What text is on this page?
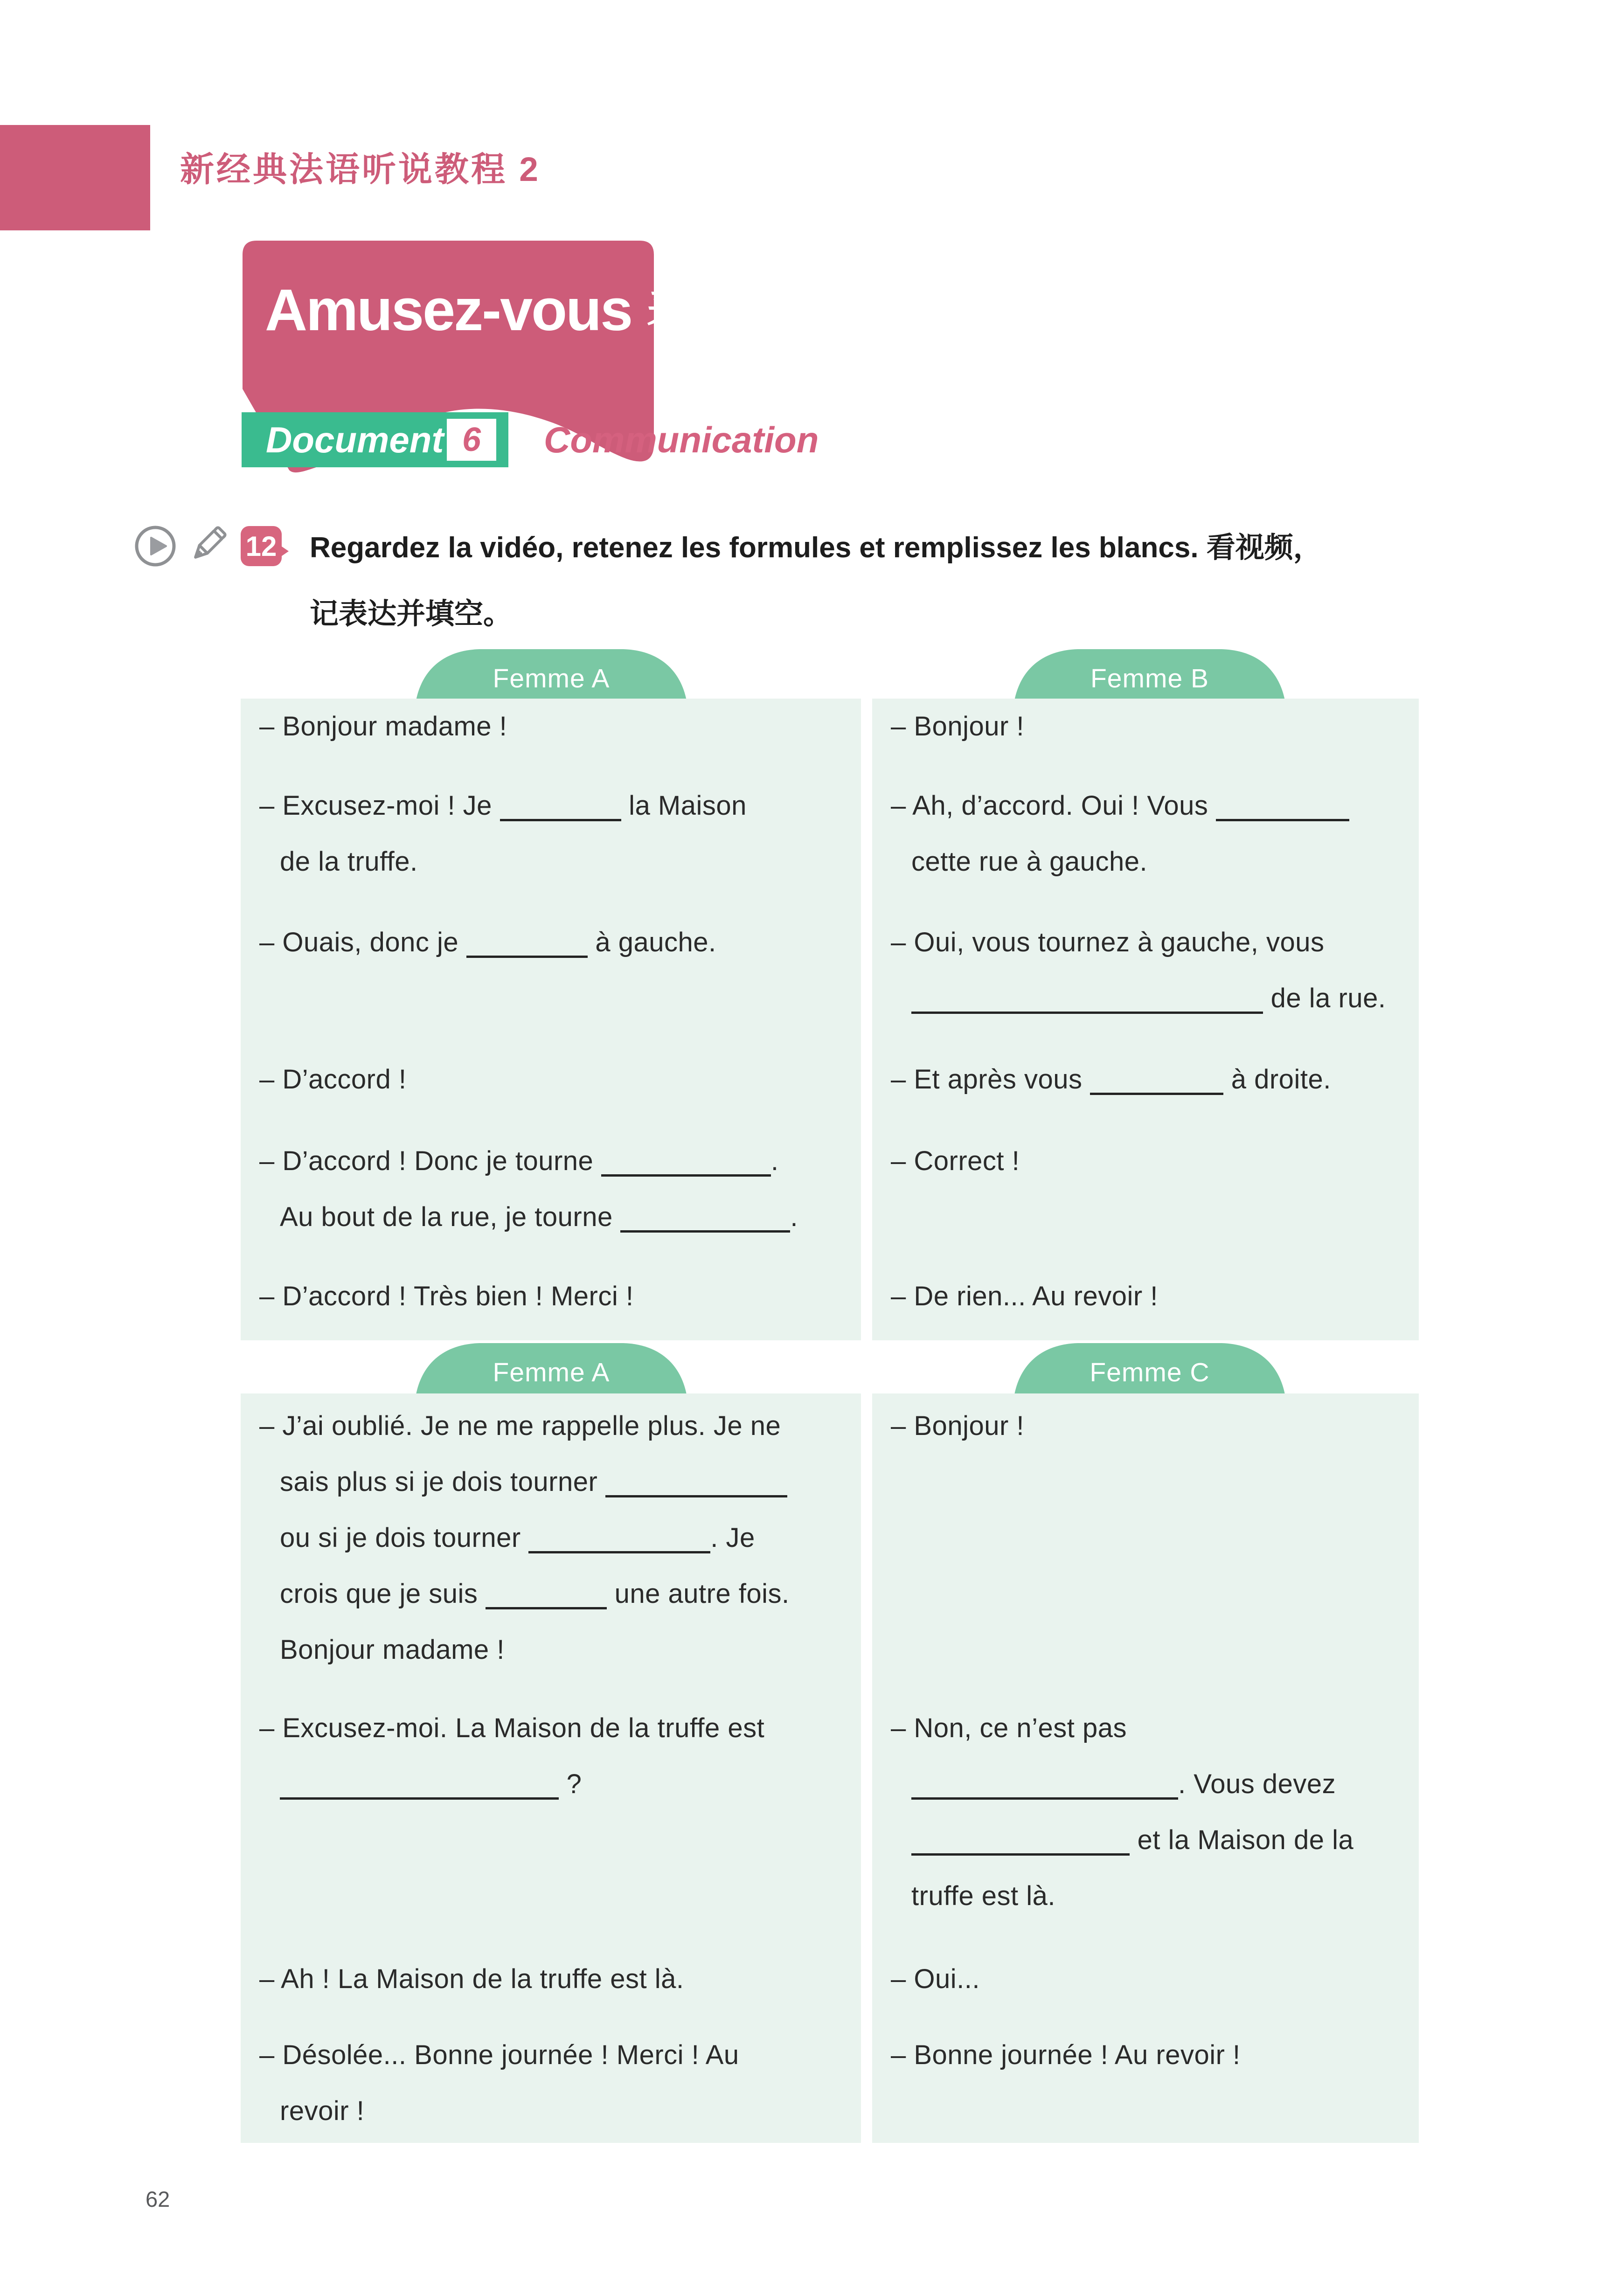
新经典法语听说教程 2
Amusez-vous 表演
Document 6 Communication
12 Regardez la vidéo, retenez les formules et remplissez les blancs. 看视频，
记表达并填空。
Femme A	Femme B

– Bonjour madame !

– Excusez-moi ! Je	la Maison
de la truffe.

– Ouais, donc je	à gauche.

– D’accord !

– D’accord ! Donc je tourne	.
Au bout de la rue, je tourne	.

– D’accord ! Très bien ! Merci !

– Bonjour !

– Ah, d’accord. Oui ! Vous
cette rue à gauche.

– Oui, vous tournez à gauche, vous
de la rue.

– Et après vous	à droite.

– Correct !

– De rien... Au revoir !

Femme A	Femme C

– J’ai oublié. Je ne me rappelle plus. Je ne
sais plus si je dois tourner
ou si je dois tourner	. Je
crois que je suis	une autre fois.
Bonjour madame !

– Excusez-moi. La Maison de la truffe est
?

– Ah ! La Maison de la truffe est là.

– Désolée... Bonne journée ! Merci ! Au
revoir !

– Bonjour !

– Non, ce n’est pas
. Vous devez
et la Maison de la
truffe est là.

– Oui...

– Bonne journée ! Au revoir !

62
